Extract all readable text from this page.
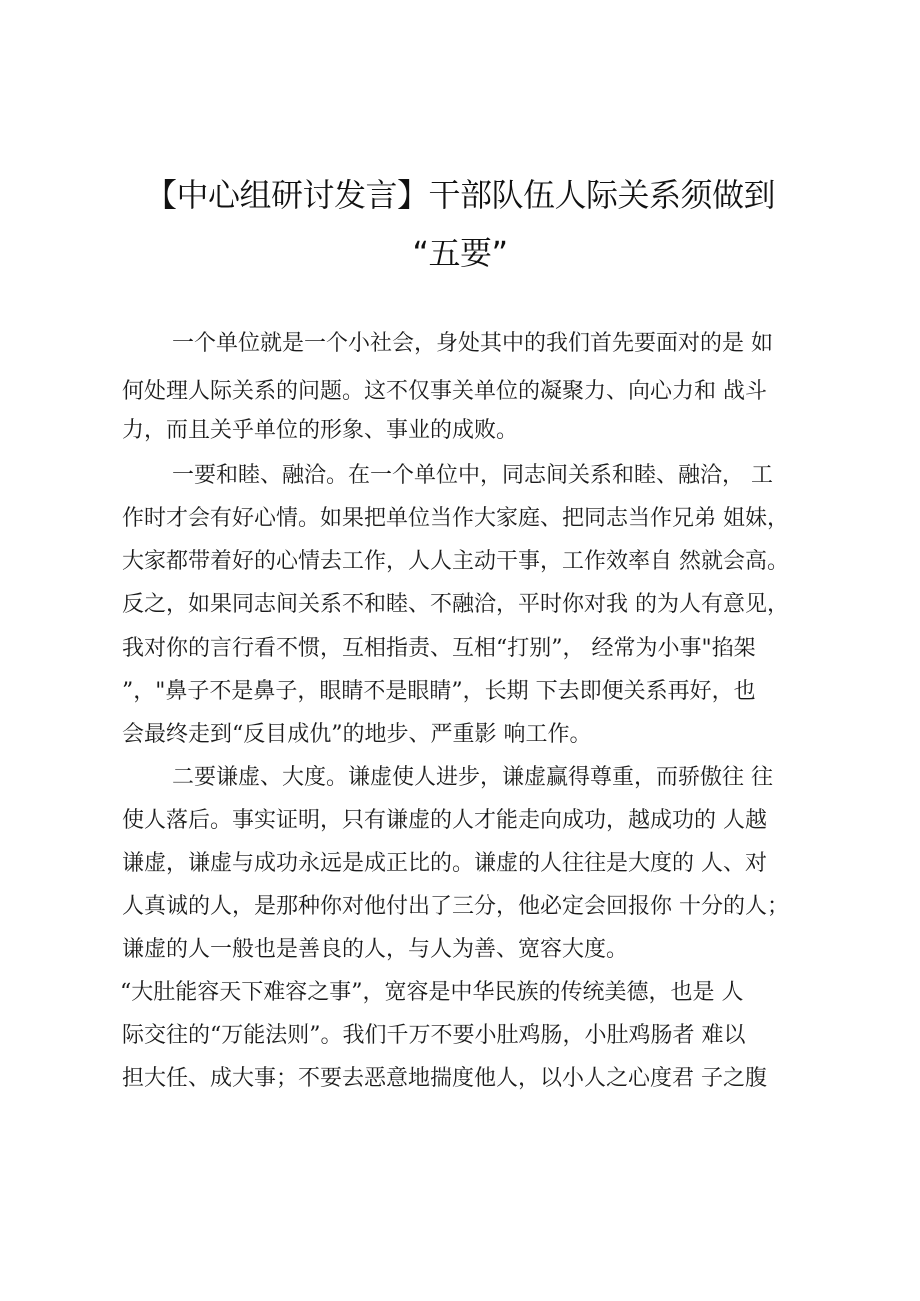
【中心组研讨发言】干部队伍人际关系须做到
“五要”
一个单位就是一个小社会，身处其中的我们首先要面对的是 如
何处理人际关系的问题。这不仅事关单位的凝聚力、向心力和 战斗
力，而且关乎单位的形象、事业的成败。
一要和睦、融洽。在一个单位中，同志间关系和睦、融洽， 工
作时才会有好心情。如果把单位当作大家庭、把同志当作兄弟 姐妹，
大家都带着好的心情去工作，人人主动干事，工作效率自 然就会高。
反之，如果同志间关系不和睦、不融洽，平时你对我 的为人有意见，
我对你的言行看不惯，互相指责、互相“打别”， 经常为小事"掐架
”，"鼻子不是鼻子，眼睛不是眼睛”，长期 下去即便关系再好，也
会最终走到“反目成仇”的地步、严重影 响工作。
二要谦虚、大度。谦虚使人进步，谦虚赢得尊重，而骄傲往 往
使人落后。事实证明，只有谦虚的人才能走向成功，越成功的 人越
谦虚，谦虚与成功永远是成正比的。谦虚的人往往是大度的 人、对
人真诚的人，是那种你对他付出了三分，他必定会回报你 十分的人；
谦虚的人一般也是善良的人，与人为善、宽容大度。
“大肚能容天下难容之事”，宽容是中华民族的传统美德，也是 人
际交往的“万能法则”。我们千万不要小肚鸡肠，小肚鸡肠者 难以
担大任、成大事；不要去恶意地揣度他人，以小人之心度君 子之腹
